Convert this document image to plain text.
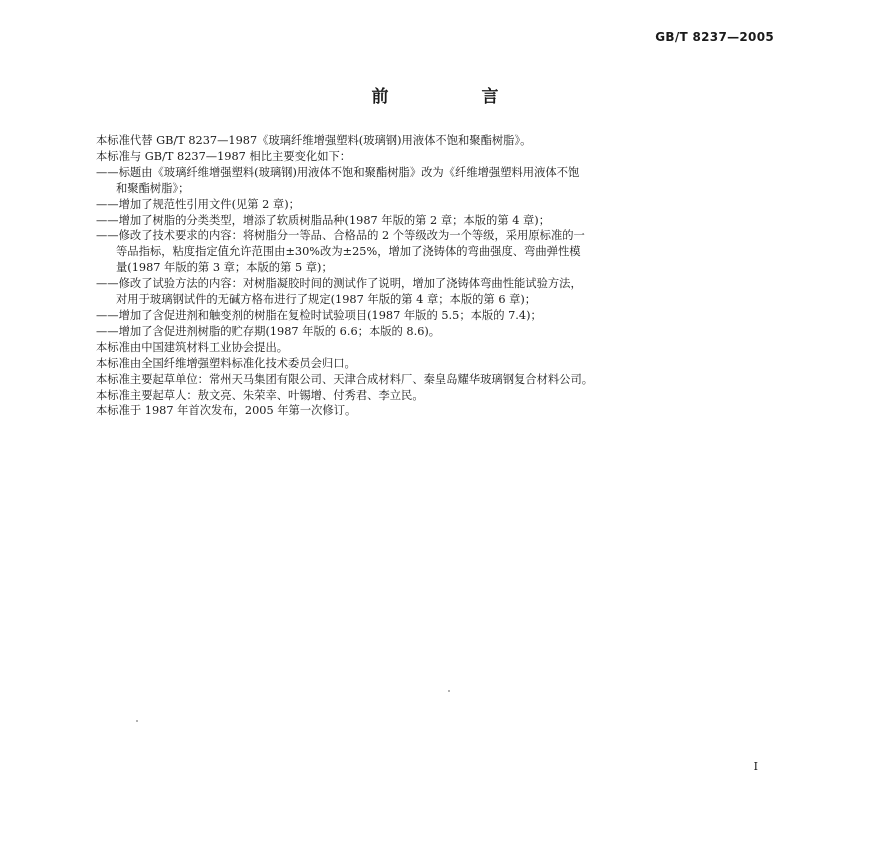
GB/T 8237—2005
前　言

本标准代替 GB/T 8237—1987《玻璃纤维增强塑料(玻璃钢)用液体不饱和聚酯树脂》。

本标准与 GB/T 8237—1987 相比主要变化如下：

——标题由《玻璃纤维增强塑料(玻璃钢)用液体不饱和聚酯树脂》改为《纤维增强塑料用液体不饱

和聚酯树脂》；

——增加了规范性引用文件(见第 2 章)；

——增加了树脂的分类类型，增添了软质树脂品种(1987 年版的第 2 章；本版的第 4 章)；

——修改了技术要求的内容：将树脂分一等品、合格品的 2 个等级改为一个等级，采用原标准的一

等品指标，粘度指定值允许范围由±30%改为±25%，增加了浇铸体的弯曲强度、弯曲弹性模

量(1987 年版的第 3 章；本版的第 5 章)；

——修改了试验方法的内容：对树脂凝胶时间的测试作了说明，增加了浇铸体弯曲性能试验方法，

对用于玻璃钢试件的无碱方格布进行了规定(1987 年版的第 4 章；本版的第 6 章)；

——增加了含促进剂和触变剂的树脂在复检时试验项目(1987 年版的 5.5；本版的 7.4)；

——增加了含促进剂树脂的贮存期(1987 年版的 6.6；本版的 8.6)。

本标准由中国建筑材料工业协会提出。

本标准由全国纤维增强塑料标准化技术委员会归口。

本标准主要起草单位：常州天马集团有限公司、天津合成材料厂、秦皇岛耀华玻璃钢复合材料公司。

本标准主要起草人：敖文亮、朱荣幸、叶锡增、付秀君、李立民。

本标准于 1987 年首次发布，2005 年第一次修订。

I
